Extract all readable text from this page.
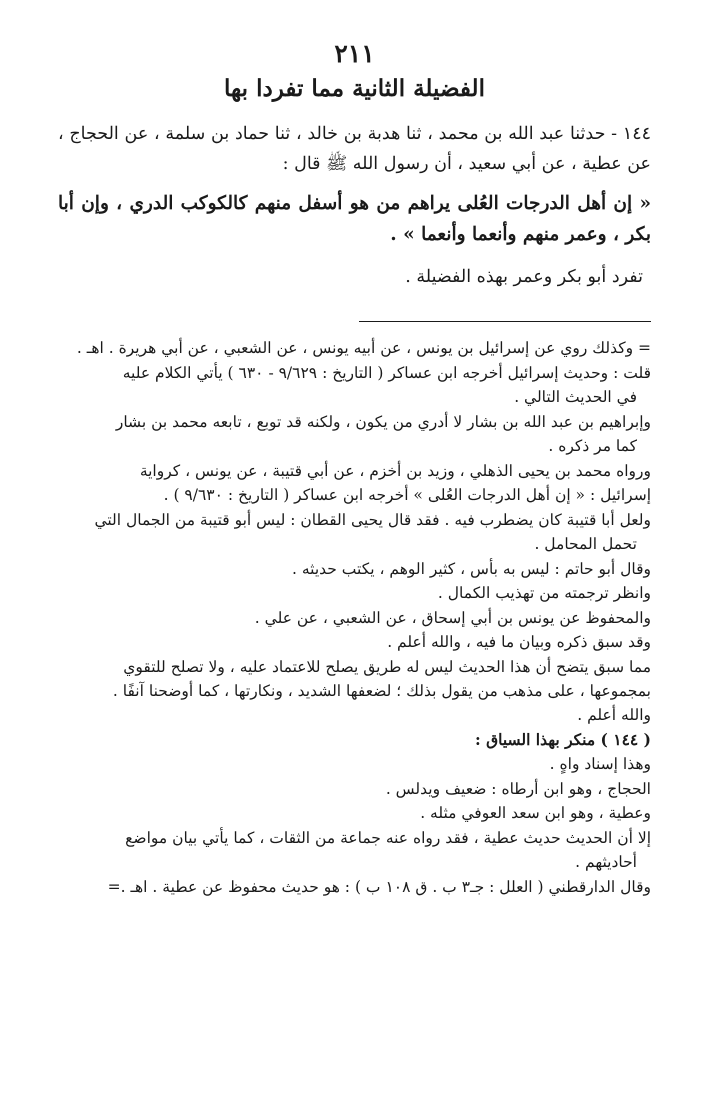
٢١١
الفضيلة الثانية مما تفردا بها

١٤٤ - حدثنا عبد الله بن محمد ، ثنا هدبة بن خالد ، ثنا حماد بن سلمة ، عن الحجاج ، عن عطية ، عن أبي سعيد ، أن رسول الله ﷺ قال :

« إن أهل الدرجات العُلى يراهم من هو أسفل منهم كالكوكب الدري ، وإن أبا بكر ، وعمر منهم وأنعما وأنعما » .

تفرد أبو بكر وعمر بهذه الفضيلة .

= وكذلك روي عن إسرائيل بن يونس ، عن أبيه يونس ، عن الشعبي ، عن أبي هريرة . اهـ .

قلت : وحديث إسرائيل أخرجه ابن عساكر ( التاريخ : ٩/٦٢٩ - ٦٣٠ ) يأتي الكلام عليه

في الحديث التالي .

وإبراهيم بن عبد الله بن بشار لا أدري من يكون ، ولكنه قد توبع ، تابعه محمد بن بشار

كما مر ذكره .

ورواه محمد بن يحيى الذهلي ، وزيد بن أخزم ، عن أبي قتيبة ، عن يونس ، كرواية

إسرائيل : « إن أهل الدرجات العُلى » أخرجه ابن عساكر ( التاريخ : ٩/٦٣٠ ) .

ولعل أبا قتيبة كان يضطرب فيه . فقد قال يحيى القطان : ليس أبو قتيبة من الجمال التي

تحمل المحامل .

وقال أبو حاتم : ليس به بأس ، كثير الوهم ، يكتب حديثه .

وانظر ترجمته من تهذيب الكمال .

والمحفوظ عن يونس بن أبي إسحاق ، عن الشعبي ، عن علي .

وقد سبق ذكره وبيان ما فيه ، والله أعلم .

مما سبق يتضح أن هذا الحديث ليس له طريق يصلح للاعتماد عليه ، ولا تصلح للتقوي

بمجموعها ، على مذهب من يقول بذلك ؛ لضعفها الشديد ، ونكارتها ، كما أوضحنا آنفًا .

والله أعلم .

( ١٤٤ ) منكر بهذا السياق :

وهذا إسناد واهٍ .

الحجاج ، وهو ابن أرطاه : ضعيف ويدلس .

وعطية ، وهو ابن سعد العوفي مثله .

إلا أن الحديث حديث عطية ، فقد رواه عنه جماعة من الثقات ، كما يأتي بيان مواضع

أحاديثهم .

وقال الدارقطني ( العلل : جـ٣ ب . ق ١٠٨ ب ) : هو حديث محفوظ عن عطية . اهـ .=
